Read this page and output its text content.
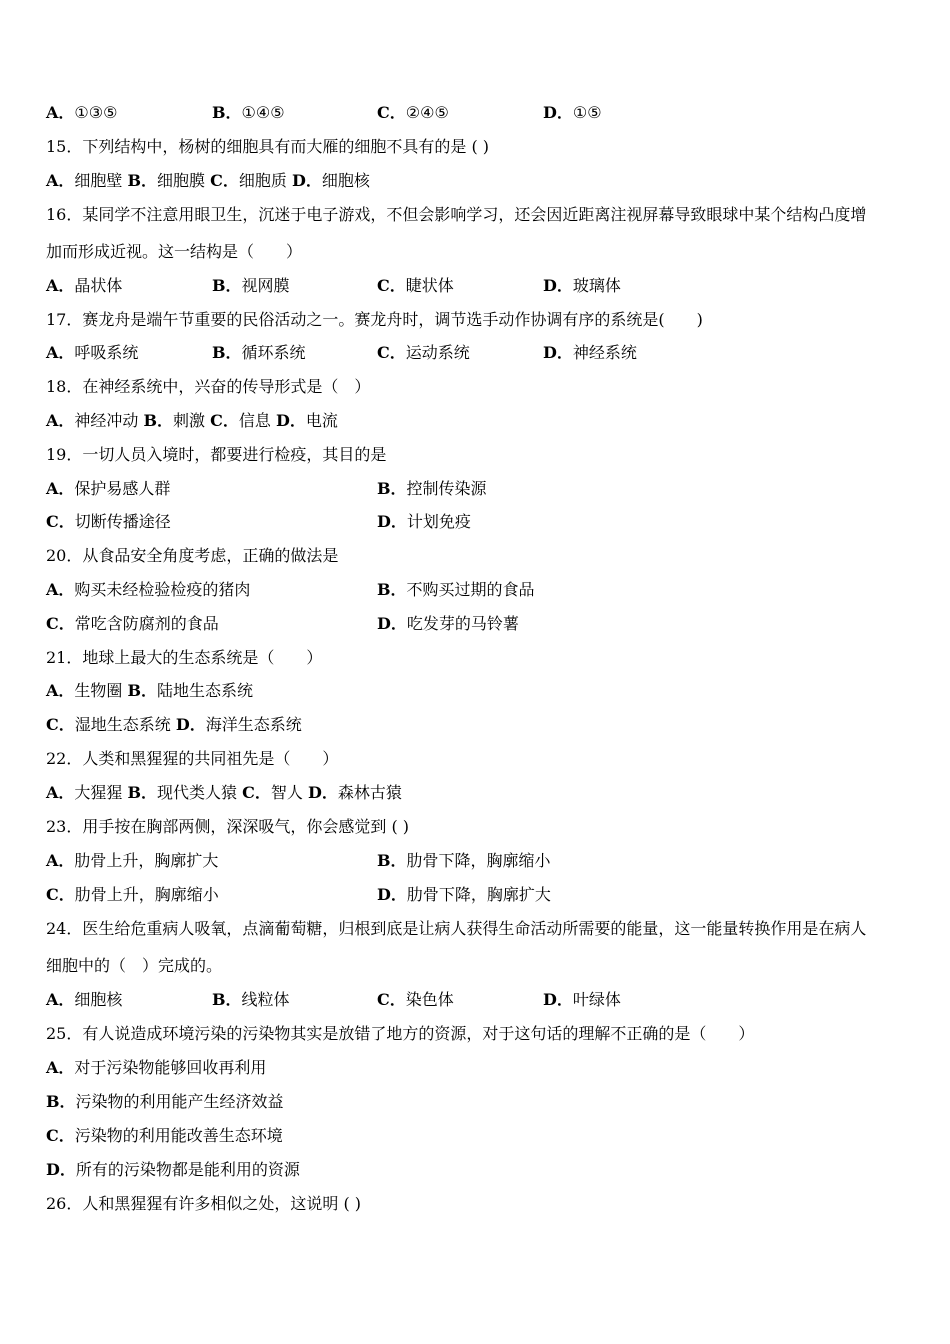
A．①③⑤	B．①④⑤	C．②④⑤	D．①⑤
15．下列结构中，杨树的细胞具有而大雁的细胞不具有的是 ( )
A．细胞壁 B．细胞膜 C．细胞质 D．细胞核
16．某同学不注意用眼卫生，沉迷于电子游戏，不但会影响学习，还会因近距离注视屏幕导致眼球中某个结构凸度增
加而形成近视。这一结构是（　　）
A．晶状体	B．视网膜	C．睫状体	D．玻璃体
17．赛龙舟是端午节重要的民俗活动之一。赛龙舟时，调节选手动作协调有序的系统是(　　)
A．呼吸系统	B．循环系统	C．运动系统	D．神经系统
18．在神经系统中，兴奋的传导形式是（　）
A．神经冲动 B．刺激 C．信息 D．电流
19．一切人员入境时，都要进行检疫，其目的是
A．保护易感人群	B．控制传染源
C．切断传播途径	D．计划免疫
20．从食品安全角度考虑，正确的做法是
A．购买未经检验检疫的猪肉	B．不购买过期的食品
C．常吃含防腐剂的食品	D．吃发芽的马铃薯
21．地球上最大的生态系统是（　　）
A．生物圈 B．陆地生态系统
C．湿地生态系统 D．海洋生态系统
22．人类和黑猩猩的共同祖先是（　　）
A．大猩猩 B．现代类人猿 C．智人 D．森林古猿
23．用手按在胸部两侧，深深吸气，你会感觉到 ( )
A．肋骨上升，胸廓扩大	B．肋骨下降，胸廓缩小
C．肋骨上升，胸廓缩小	D．肋骨下降，胸廓扩大
24．医生给危重病人吸氧，点滴葡萄糖，归根到底是让病人获得生命活动所需要的能量，这一能量转换作用是在病人
细胞中的（　）完成的。
A．细胞核	B．线粒体	C．染色体	D．叶绿体
25．有人说造成环境污染的污染物其实是放错了地方的资源，对于这句话的理解不正确的是（　　）
A．对于污染物能够回收再利用
B．污染物的利用能产生经济效益
C．污染物的利用能改善生态环境
D．所有的污染物都是能利用的资源
26．人和黑猩猩有许多相似之处，这说明 ( )
